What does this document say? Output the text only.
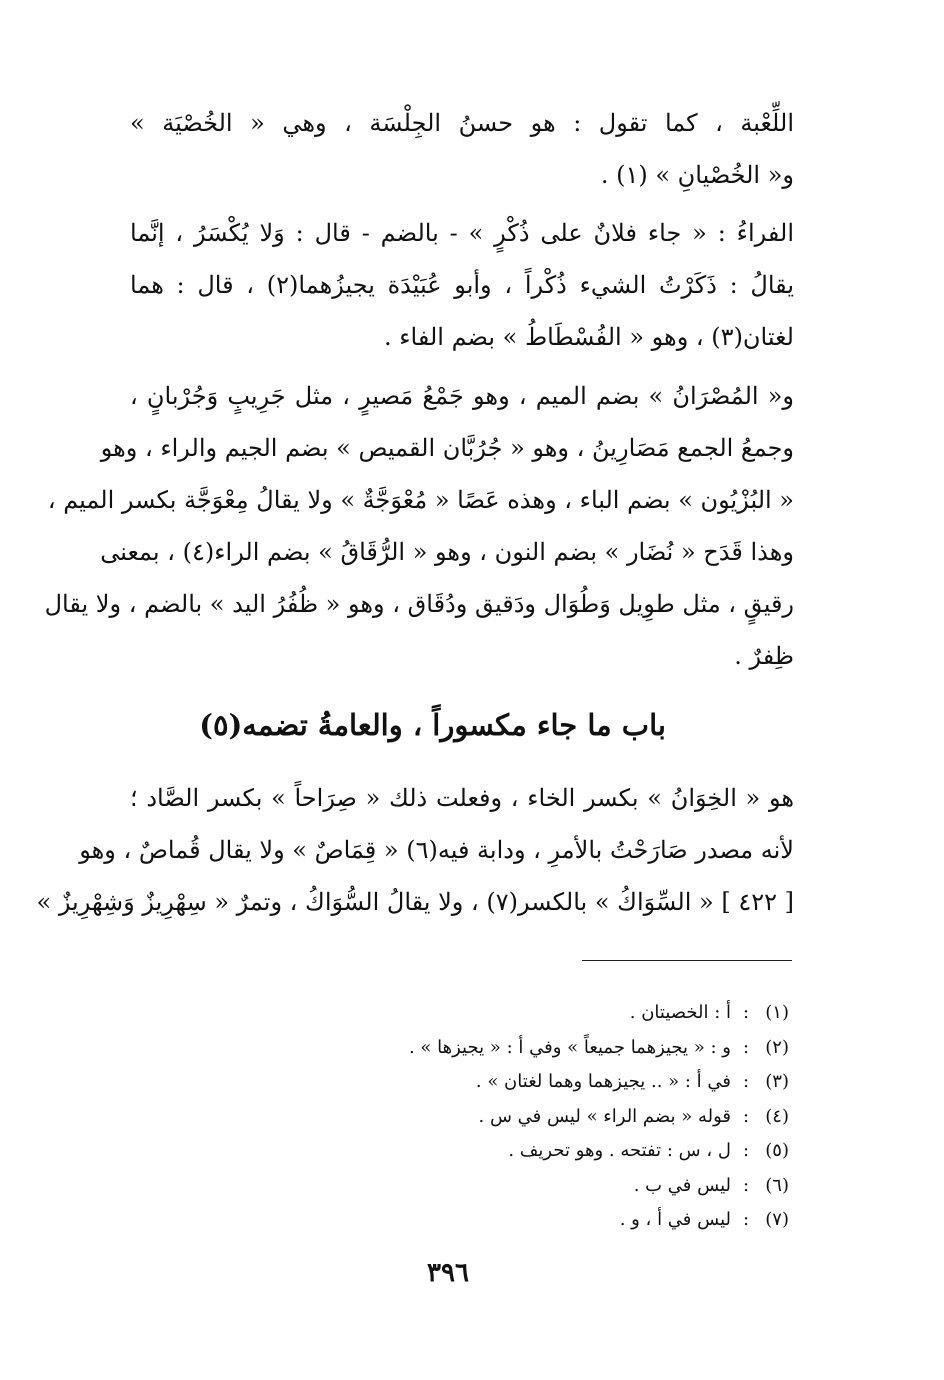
اللِّعْبة ، كما تقول : هو حسنُ الجِلْسَة ، وهي « الخُصْيَة »
و« الخُصْيانِ » (١) .
الفراءُ : « جاء فلانٌ على ذُكْرٍ » - بالضم - قال : وَلا يُكْسَرُ ، إنَّما
يقالُ : ذَكَرْتُ الشيء ذُكْراً ، وأبو عُبَيْدَة يجيزُهما(٢) ، قال : هما
لغتان(٣) ، وهو « الفُسْطَاطُ » بضم الفاء .
و« المُصْرَانُ » بضم الميم ، وهو جَمْعُ مَصيرٍ ، مثل جَرِيبٍ وَجُرْبانٍ ،
وجمعُ الجمع مَصَارِينُ ، وهو « جُرُبَّان القميص » بضم الجيم والراء ، وهو
« البُزْيُون » بضم الباء ، وهذه عَصًا « مُعْوَجَّةٌ » ولا يقالُ مِعْوَجَّة بكسر الميم ،
وهذا قَدَح « نُضَار » بضم النون ، وهو « الرُّقَاقُ » بضم الراء(٤) ، بمعنى
رقيقٍ ، مثل طوِيل وَطُوَال ودَقيق ودُقَاق ، وهو « ظُفُرُ اليد » بالضم ، ولا يقال
ظِفرٌ .
باب ما جاء مكسوراً ، والعامةُ تضمه(٥)
هو « الخِوَانُ » بكسر الخاء ، وفعلت ذلك « صِرَاحاً » بكسر الصَّاد ؛
لأنه مصدر صَارَحْتُ بالأمرِ ، ودابة فيه(٦) « قِمَاصٌ » ولا يقال قُماصٌ ، وهو
[ ٤٢٢ ] « السِّوَاكُ » بالكسر(٧) ، ولا يقالُ السُّوَاكُ ، وتمرٌ « سِهْرِيزٌ وَشِهْرِيزٌ »
(١)
:
أ : الخصيتان .
(٢)
:
و : « يجيزهما جميعاً » وفي أ : « يجيزها » .
(٣)
:
في أ : « .. يجيزهما وهما لغتان » .
(٤)
:
قوله « بضم الراء » ليس في س .
(٥)
:
ل ، س : تفتحه . وهو تحريف .
(٦)
:
ليس في ب .
(٧)
:
ليس في أ ، و .
٣٩٦
